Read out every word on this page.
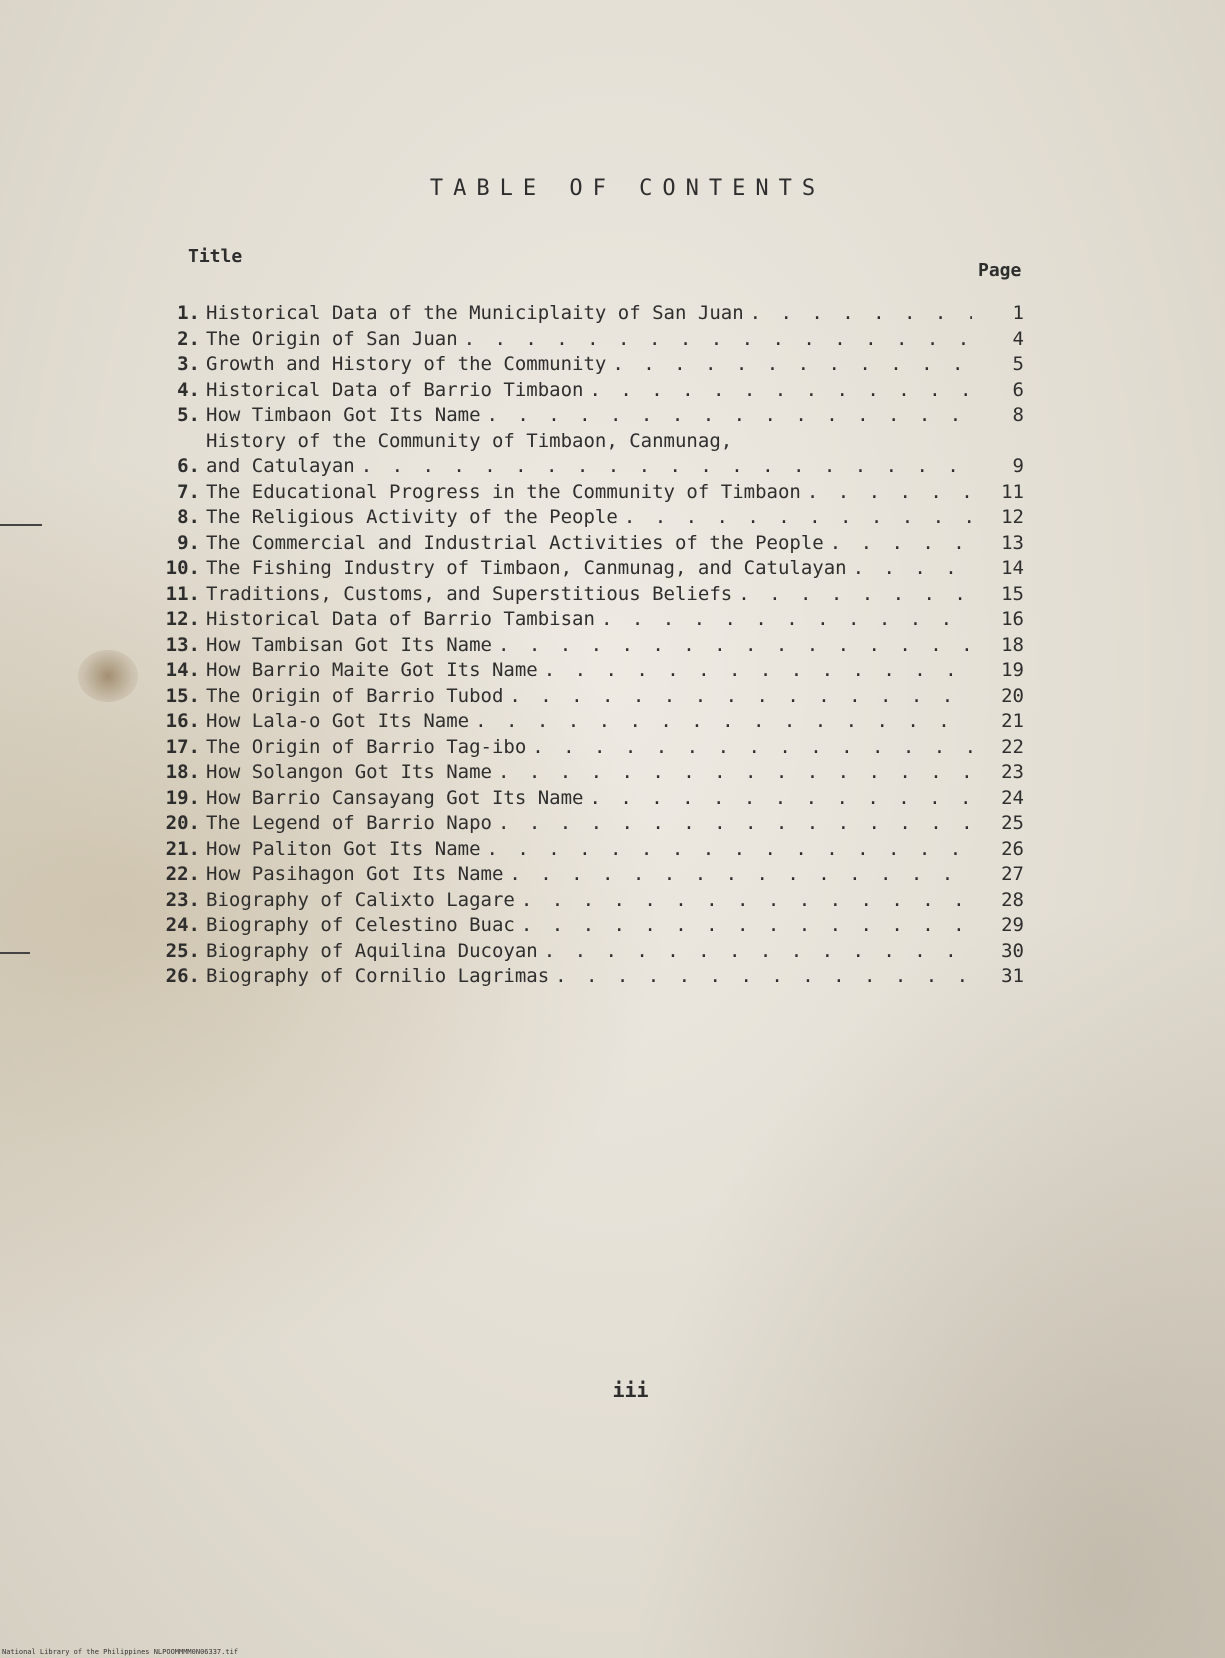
TABLE OF CONTENTS
Title
Page
1. Historical Data of the Municiplaity of San Juan . . .	1
2. The Origin of San Juan . . .	4
3. Growth and History of the Community . . .	5
4. Historical Data of Barrio Timbaon . . .	6
5. How Timbaon Got Its Name . . .	8
6.
History of the Community of Timbaon, Canmunag,
and Catulayan . . .	9
7. The Educational Progress in the Community of Timbaon . . .	11
8. The Religious Activity of the People . . .	12
9. The Commercial and Industrial Activities of the People . . .	13
10. The Fishing Industry of Timbaon, Canmunag, and Catulayan . . .	14
11. Traditions, Customs, and Superstitious Beliefs . . .	15
12. Historical Data of Barrio Tambisan . . .	16
13. How Tambisan Got Its Name . . .	18
14. How Barrio Maite Got Its Name . . .	19
15. The Origin of Barrio Tubod . . .	20
16. How Lala-o Got Its Name . . .	21
17. The Origin of Barrio Tag-ibo . . .	22
18. How Solangon Got Its Name . . .	23
19. How Barrio Cansayang Got Its Name . . .	24
20. The Legend of Barrio Napo . . .	25
21. How Paliton Got Its Name . . .	26
22. How Pasihagon Got Its Name . . .	27
23. Biography of Calixto Lagare . . .	28
24. Biography of Celestino Buac . . .	29
25. Biography of Aquilina Ducoyan . . .	30
26. Biography of Cornilio Lagrimas . . .	31
iii
National Library of the Philippines NLPOOMMMM0N06337.tif
